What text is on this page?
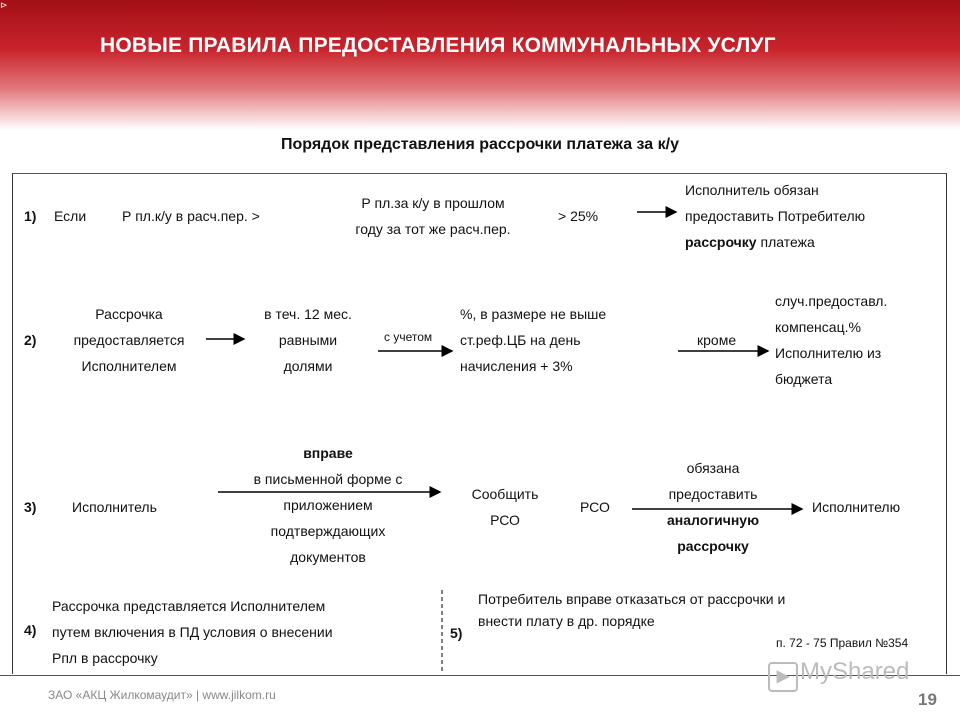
⊳
НОВЫЕ ПРАВИЛА ПРЕДОСТАВЛЕНИЯ КОММУНАЛЬНЫХ УСЛУГ
Порядок представления рассрочки платежа за к/у
1) Если	Р пл.к/у в расч.пер. >
Р пл.за к/у в прошлом
году за тот же расч.пер.
> 25%
Исполнитель обязан
предоставить Потребителю
рассрочку платежа
2)
Рассрочка
предоставляется
Исполнителем
в теч. 12 мес.
равными
долями
с учетом
%, в размере не выше
ст.реф.ЦБ на день
начисления + 3%
кроме
случ.предоставл.
компенсац.%
Исполнителю из
бюджета
3)	Исполнитель
вправе
в письменной форме с
приложением
подтверждающих
документов
Сообщить
РСО
РСО
обязана
предоставить
аналогичную
рассрочку
Исполнителю
4)
Рассрочка представляется Исполнителем
путем включения в ПД условия о внесении
Рпл в рассрочку
5)
Потребитель вправе отказаться от рассрочки и
внести плату в др. порядке
п. 72 - 75 Правил №354
▶ MyShared
ЗАО «АКЦ Жилкомаудит» | www.jilkom.ru	19
